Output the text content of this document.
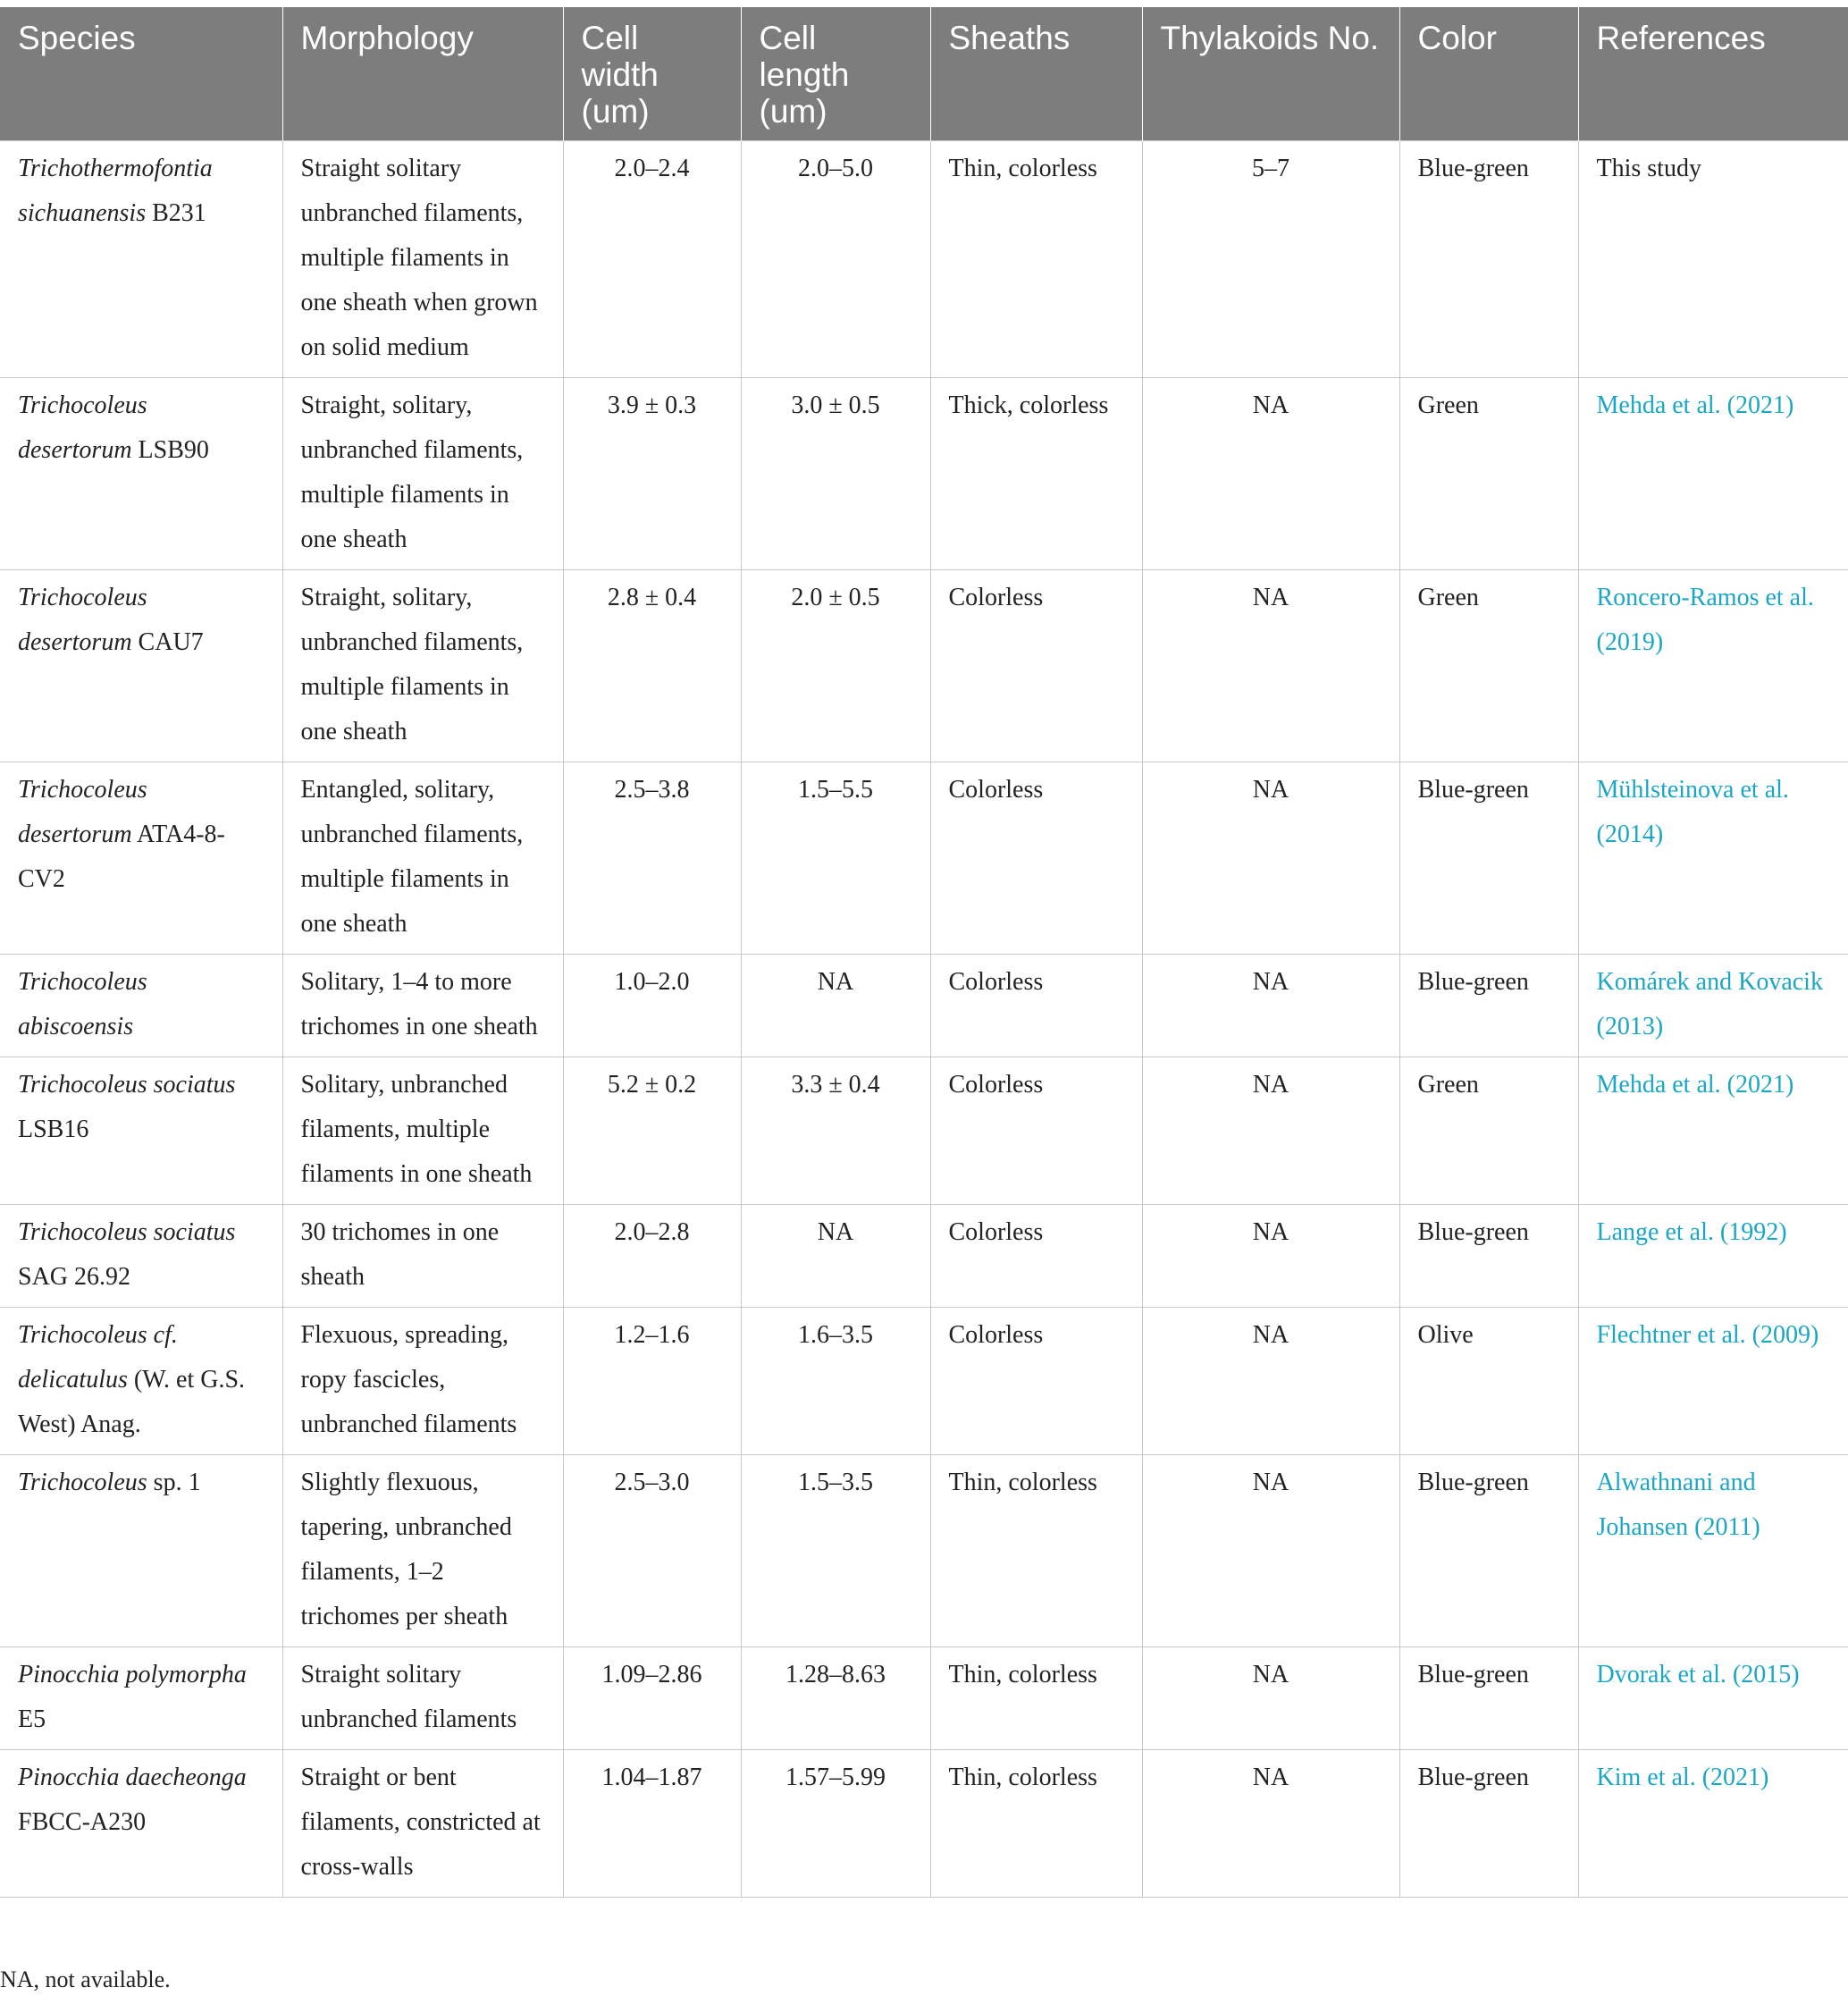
Species	Morphology	Cell width (um)	Cell length (um)	Sheaths	Thylakoids No.	Color	References
Trichothermofontia sichuanensis B231	Straight solitary unbranched filaments, multiple filaments in one sheath when grown on solid medium	2.0–2.4	2.0–5.0	Thin, colorless	5–7	Blue-green	This study
Trichocoleus desertorum LSB90	Straight, solitary, unbranched filaments, multiple filaments in one sheath	3.9 ± 0.3	3.0 ± 0.5	Thick, colorless	NA	Green	Mehda et al. (2021)
Trichocoleus desertorum CAU7	Straight, solitary, unbranched filaments, multiple filaments in one sheath	2.8 ± 0.4	2.0 ± 0.5	Colorless	NA	Green	Roncero-Ramos et al. (2019)
Trichocoleus desertorum ATA4-8-CV2	Entangled, solitary, unbranched filaments, multiple filaments in one sheath	2.5–3.8	1.5–5.5	Colorless	NA	Blue-green	Mühlsteinova et al. (2014)
Trichocoleus abiscoensis	Solitary, 1–4 to more trichomes in one sheath	1.0–2.0	NA	Colorless	NA	Blue-green	Komárek and Kovacik (2013)
Trichocoleus sociatus LSB16	Solitary, unbranched filaments, multiple filaments in one sheath	5.2 ± 0.2	3.3 ± 0.4	Colorless	NA	Green	Mehda et al. (2021)
Trichocoleus sociatus SAG 26.92	30 trichomes in one sheath	2.0–2.8	NA	Colorless	NA	Blue-green	Lange et al. (1992)
Trichocoleus cf. delicatulus (W. et G.S. West) Anag.	Flexuous, spreading, ropy fascicles, unbranched filaments	1.2–1.6	1.6–3.5	Colorless	NA	Olive	Flechtner et al. (2009)
Trichocoleus sp. 1	Slightly flexuous, tapering, unbranched filaments, 1–2 trichomes per sheath	2.5–3.0	1.5–3.5	Thin, colorless	NA	Blue-green	Alwathnani and Johansen (2011)
Pinocchia polymorpha E5	Straight solitary unbranched filaments	1.09–2.86	1.28–8.63	Thin, colorless	NA	Blue-green	Dvorak et al. (2015)
Pinocchia daecheonga FBCC-A230	Straight or bent filaments, constricted at cross-walls	1.04–1.87	1.57–5.99	Thin, colorless	NA	Blue-green	Kim et al. (2021)
NA, not available.
